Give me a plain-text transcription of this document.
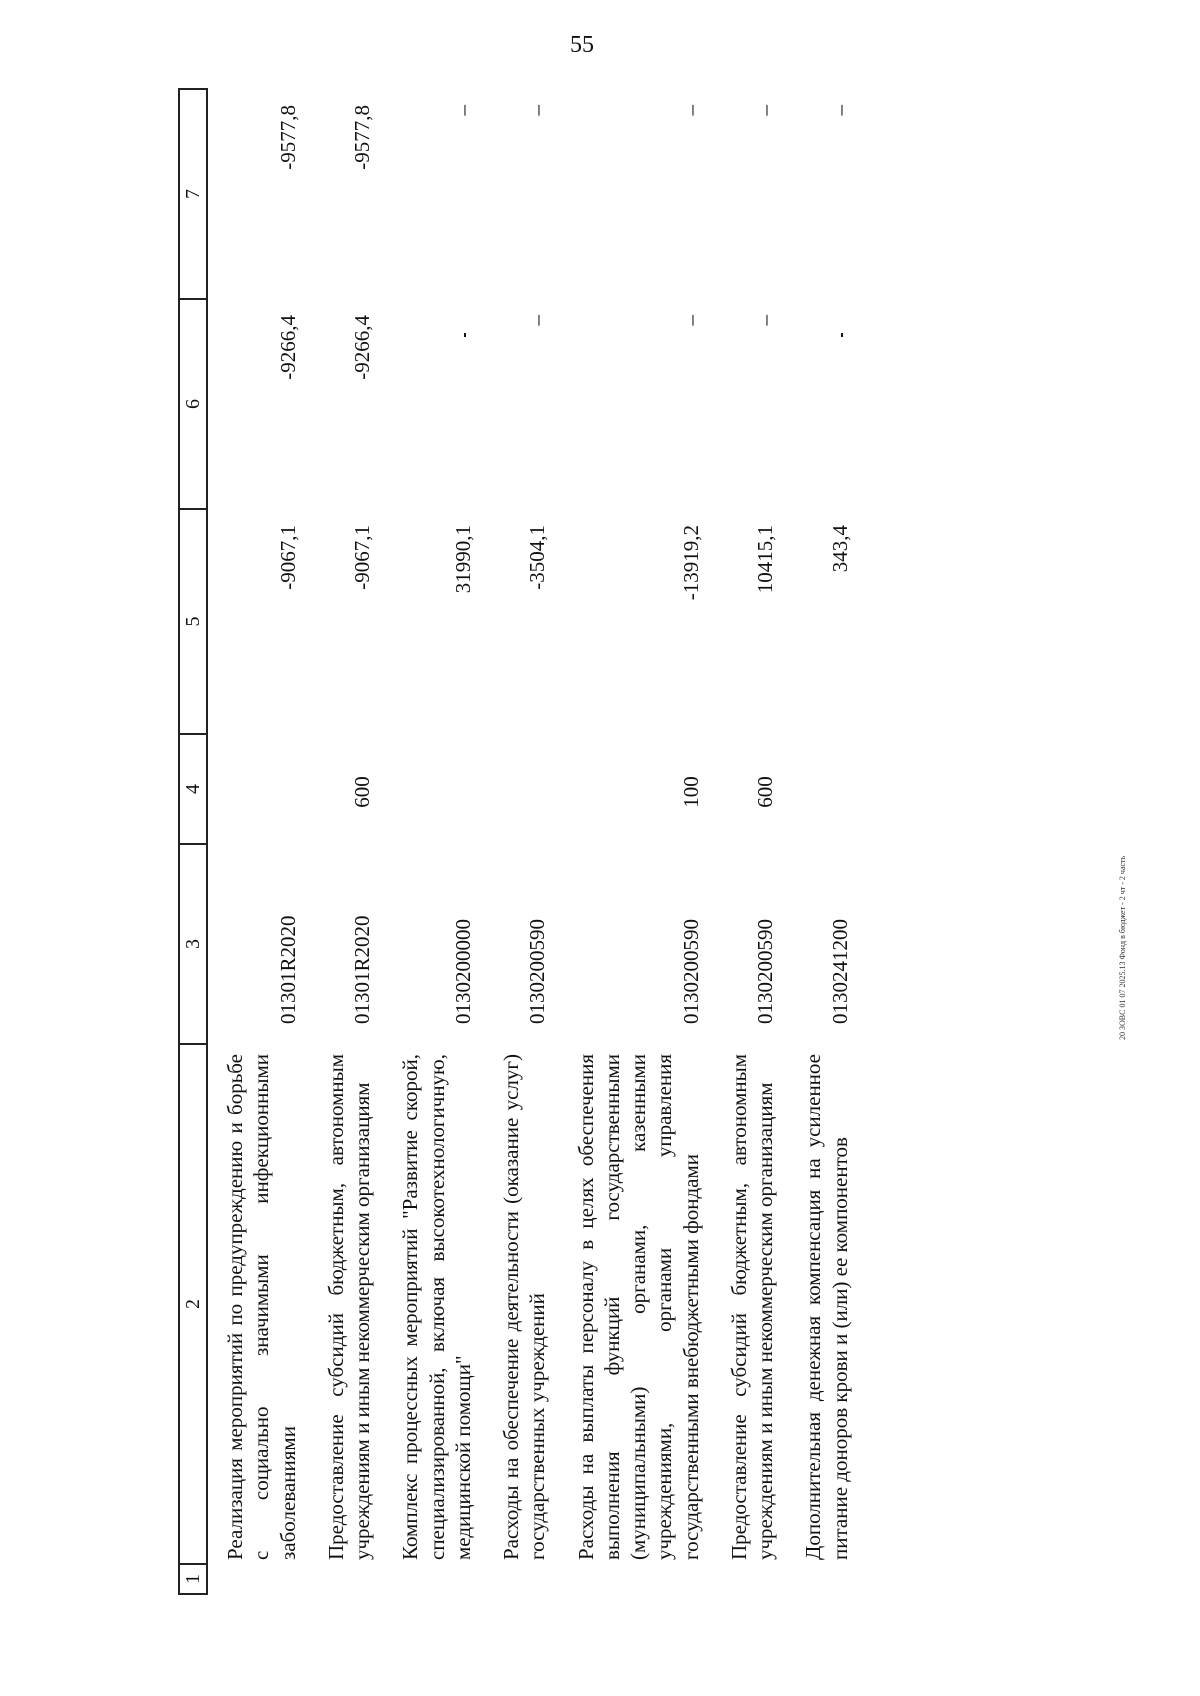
55
20 ЗОВС 01 07 2025.13 Фонд в бюджет - 2 чт - 2 часть
1	2	3	4	5	6	7
	Реализация мероприятий по предупреждению и борьбе с социально значимыми инфекционными заболеваниями	01301R2020		-9067,1	-9266,4	-9577,8
	Предоставление субсидий бюджетным, автономным учреждениям и иным некоммерческим организациям	01301R2020	600	-9067,1	-9266,4	-9577,8
	Комплекс процессных мероприятий "Развитие скорой, специализированной, включая высокотехнологичную, медицинской помощи"	0130200000		31990,1		–
	Расходы на обеспечение деятельности (оказание услуг) государственных учреждений	0130200590		-3504,1	–	–
	Расходы на выплаты персоналу в целях обеспечения выполнения функций государственными (муниципальными) органами, казенными учреждениями, органами управления государственными внебюджетными фондами	0130200590	100	-13919,2	–	–
	Предоставление субсидий бюджетным, автономным учреждениям и иным некоммерческим организациям	0130200590	600	10415,1	–	–
	Дополнительная денежная компенсация на усиленное питание доноров крови и (или) ее компонентов	0130241200		343,4		–
